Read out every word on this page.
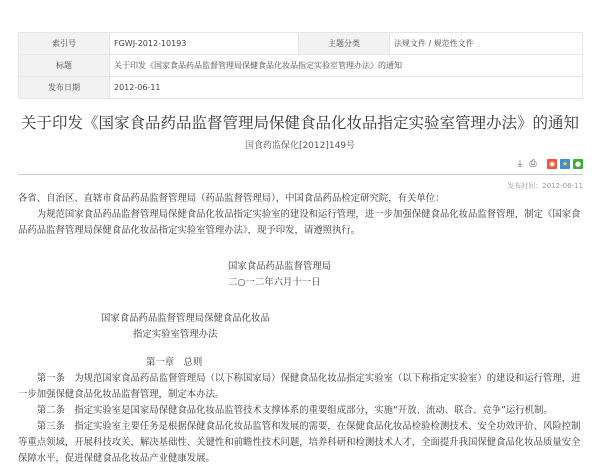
索引号	FGWJ-2012-10193	主题分类	法规文件 / 规范性文件
标题	关于印发《国家食品药品监督管理局保健食品化妆品指定实验室管理办法》的通知		
发布日期	2012-06-11		
关于印发《国家食品药品监督管理局保健食品化妆品指定实验室管理办法》的通知
国食药监保化[2012]149号
⤓ ⎙ ◉ ★ ●
发布时间：2012-06-11

各省、自治区、直辖市食品药品监督管理局（药品监督管理局），中国食品药品检定研究院，有关单位：

为规范国家食品药品监督管理局保健食品化妆品指定实验室的建设和运行管理，进一步加强保健食品化妆品监督管理，制定《国家食品药品监督管理局保健食品化妆品指定实验室管理办法》，现予印发，请遵照执行。

国家食品药品监督管理局

二○一二年六月十一日

国家食品药品监督管理局保健食品化妆品

指定实验室管理办法

第一章　总则

第一条　为规范国家食品药品监督管理局（以下称国家局）保健食品化妆品指定实验室（以下称指定实验室）的建设和运行管理，进一步加强保健食品化妆品监督管理，制定本办法。

第二条　指定实验室是国家局保健食品化妆品监管技术支撑体系的重要组成部分，实施“开放、流动、联合、竞争”运行机制。

第三条　指定实验室主要任务是根据保健食品化妆品监管和发展的需要，在保健食品化妆品检验检测技术、安全功效评价、风险控制等重点领域，开展科技攻关，解决基础性、关键性和前瞻性技术问题，培养科研和检测技术人才，全面提升我国保健食品化妆品质量安全保障水平，促进保健食品化妆品产业健康发展。
